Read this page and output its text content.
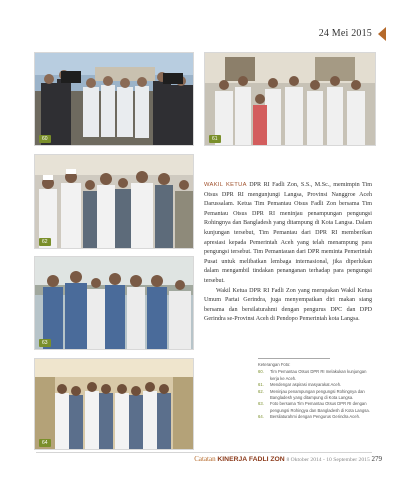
24 Mei 2015
60	61
62
63
64

WAKIL KETUA DPR RI Fadli Zon, S.S., M.Sc., memimpin Tim Otsus DPR RI mengunjungi Langsa, Provinsi Nanggroe Aceh Darussalam. Ketua Tim Pemantau Otsus Fadli Zon bersama Tim Pemantau Otsus DPR RI meninjau penampungan pengungsi Rohingnya dan Bangladesh yang ditampung di Kota Langsa. Dalam kunjungan tersebut, Tim Pemantau dari DPR RI memberikan apresiasi kepada Pemerintah Aceh yang telah menampung para pengungsi tersebut. Tim Pemantauan dari DPR meminta Pemerintah Pusat untuk melibatkan lembaga internasional, jika diperlukan dalam mengambil tindakan penanganan terhadap para pengungsi tersebut.

Wakil Ketua DPR RI Fadli Zon yang merupakan Wakil Ketua Umum Partai Gerindra, juga menyempatkan diri makan siang bersama dan bersilaturahmi dengan pengurus DPC dan DPD Gerindra se-Provinsi Aceh di Pendopo Pemerintah kota Langsa.

Keterangan Foto:
60.	Tim Pemantau Otsus DPR RI melakukan kunjungan kerja ke Aceh.
61.	Mendengar aspirasi masyarakat Aceh.
62.	Meninjau penampungan pengungsi Rohingnya dan Bangladesh yang ditampung di Kota Langsa.
63.	Foto bersama Tim Pemantau Otsus DPR RI dengan pengungsi Rohingya dan Bangladesh di Kota Langsa.
64.	Bersilaturahmi dengan Pengurus Gerindra Aceh.
Catatan KINERJA FADLI ZON 8 Oktober 2014 - 10 September 2015 279
